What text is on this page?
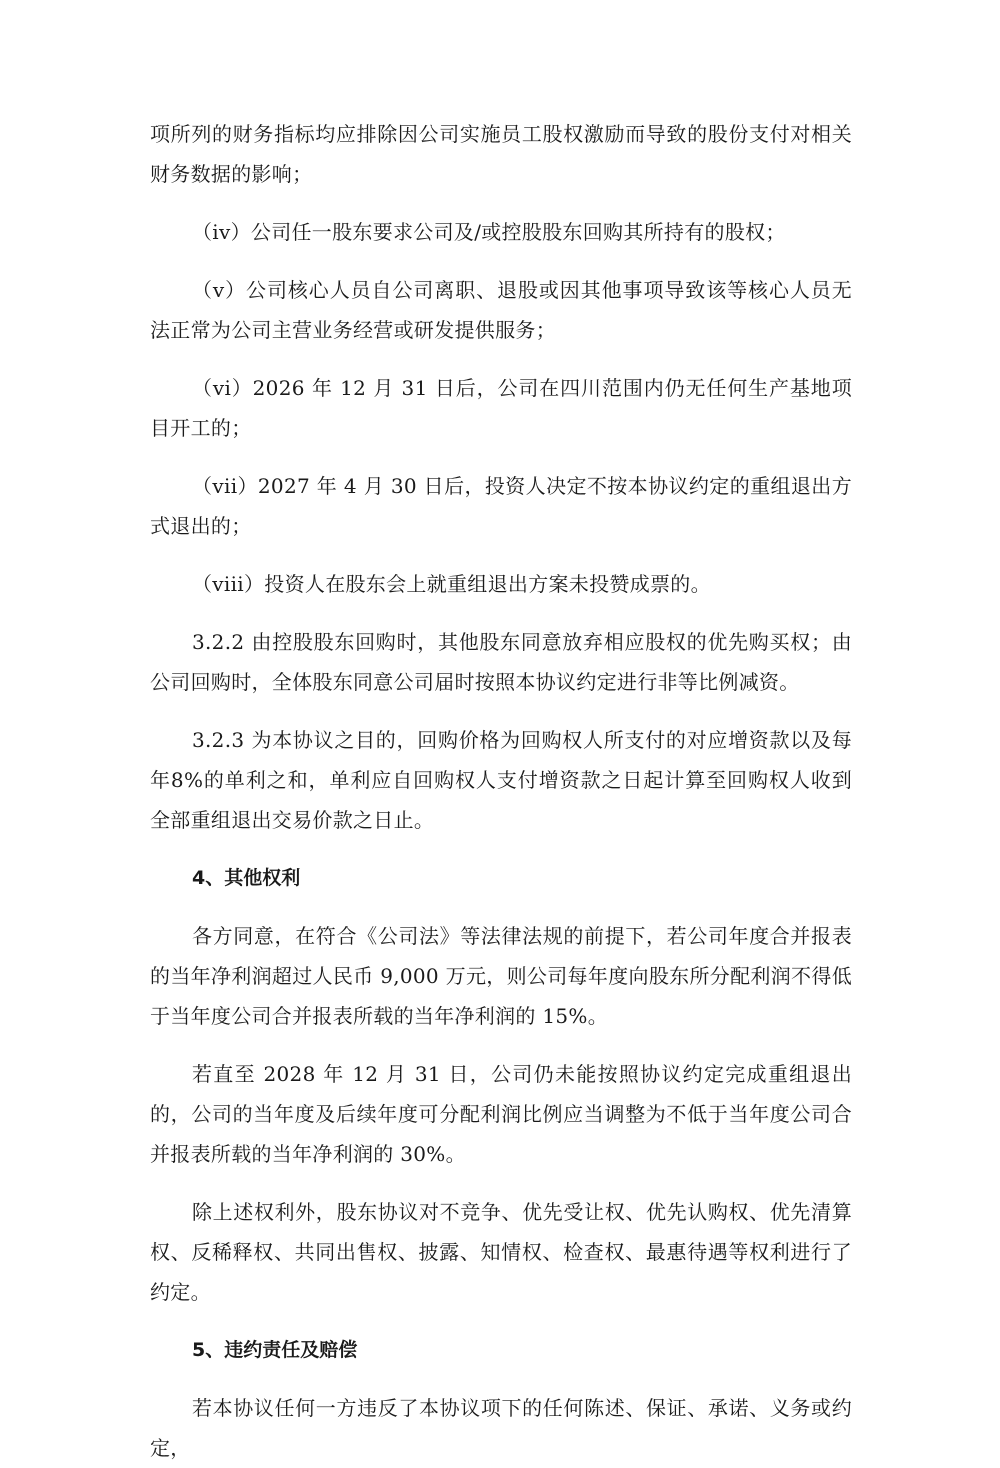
项所列的财务指标均应排除因公司实施员工股权激励而导致的股份支付对相关财务数据的影响；

（iv）公司任一股东要求公司及/或控股股东回购其所持有的股权；

（v）公司核心人员自公司离职、退股或因其他事项导致该等核心人员无法正常为公司主营业务经营或研发提供服务；

（vi）2026 年 12 月 31 日后，公司在四川范围内仍无任何生产基地项目开工的；

（vii）2027 年 4 月 30 日后，投资人决定不按本协议约定的重组退出方式退出的；

（viii）投资人在股东会上就重组退出方案未投赞成票的。

3.2.2 由控股股东回购时，其他股东同意放弃相应股权的优先购买权；由公司回购时，全体股东同意公司届时按照本协议约定进行非等比例减资。

3.2.3 为本协议之目的，回购价格为回购权人所支付的对应增资款以及每年8%的单利之和，单利应自回购权人支付增资款之日起计算至回购权人收到全部重组退出交易价款之日止。

4、其他权利

各方同意，在符合《公司法》等法律法规的前提下，若公司年度合并报表的当年净利润超过人民币 9,000 万元，则公司每年度向股东所分配利润不得低于当年度公司合并报表所载的当年净利润的 15%。

若直至 2028 年 12 月 31 日，公司仍未能按照协议约定完成重组退出的，公司的当年度及后续年度可分配利润比例应当调整为不低于当年度公司合并报表所载的当年净利润的 30%。

除上述权利外，股东协议对不竞争、优先受让权、优先认购权、优先清算权、反稀释权、共同出售权、披露、知情权、检查权、最惠待遇等权利进行了约定。

5、违约责任及赔偿

若本协议任何一方违反了本协议项下的任何陈述、保证、承诺、义务或约定，
